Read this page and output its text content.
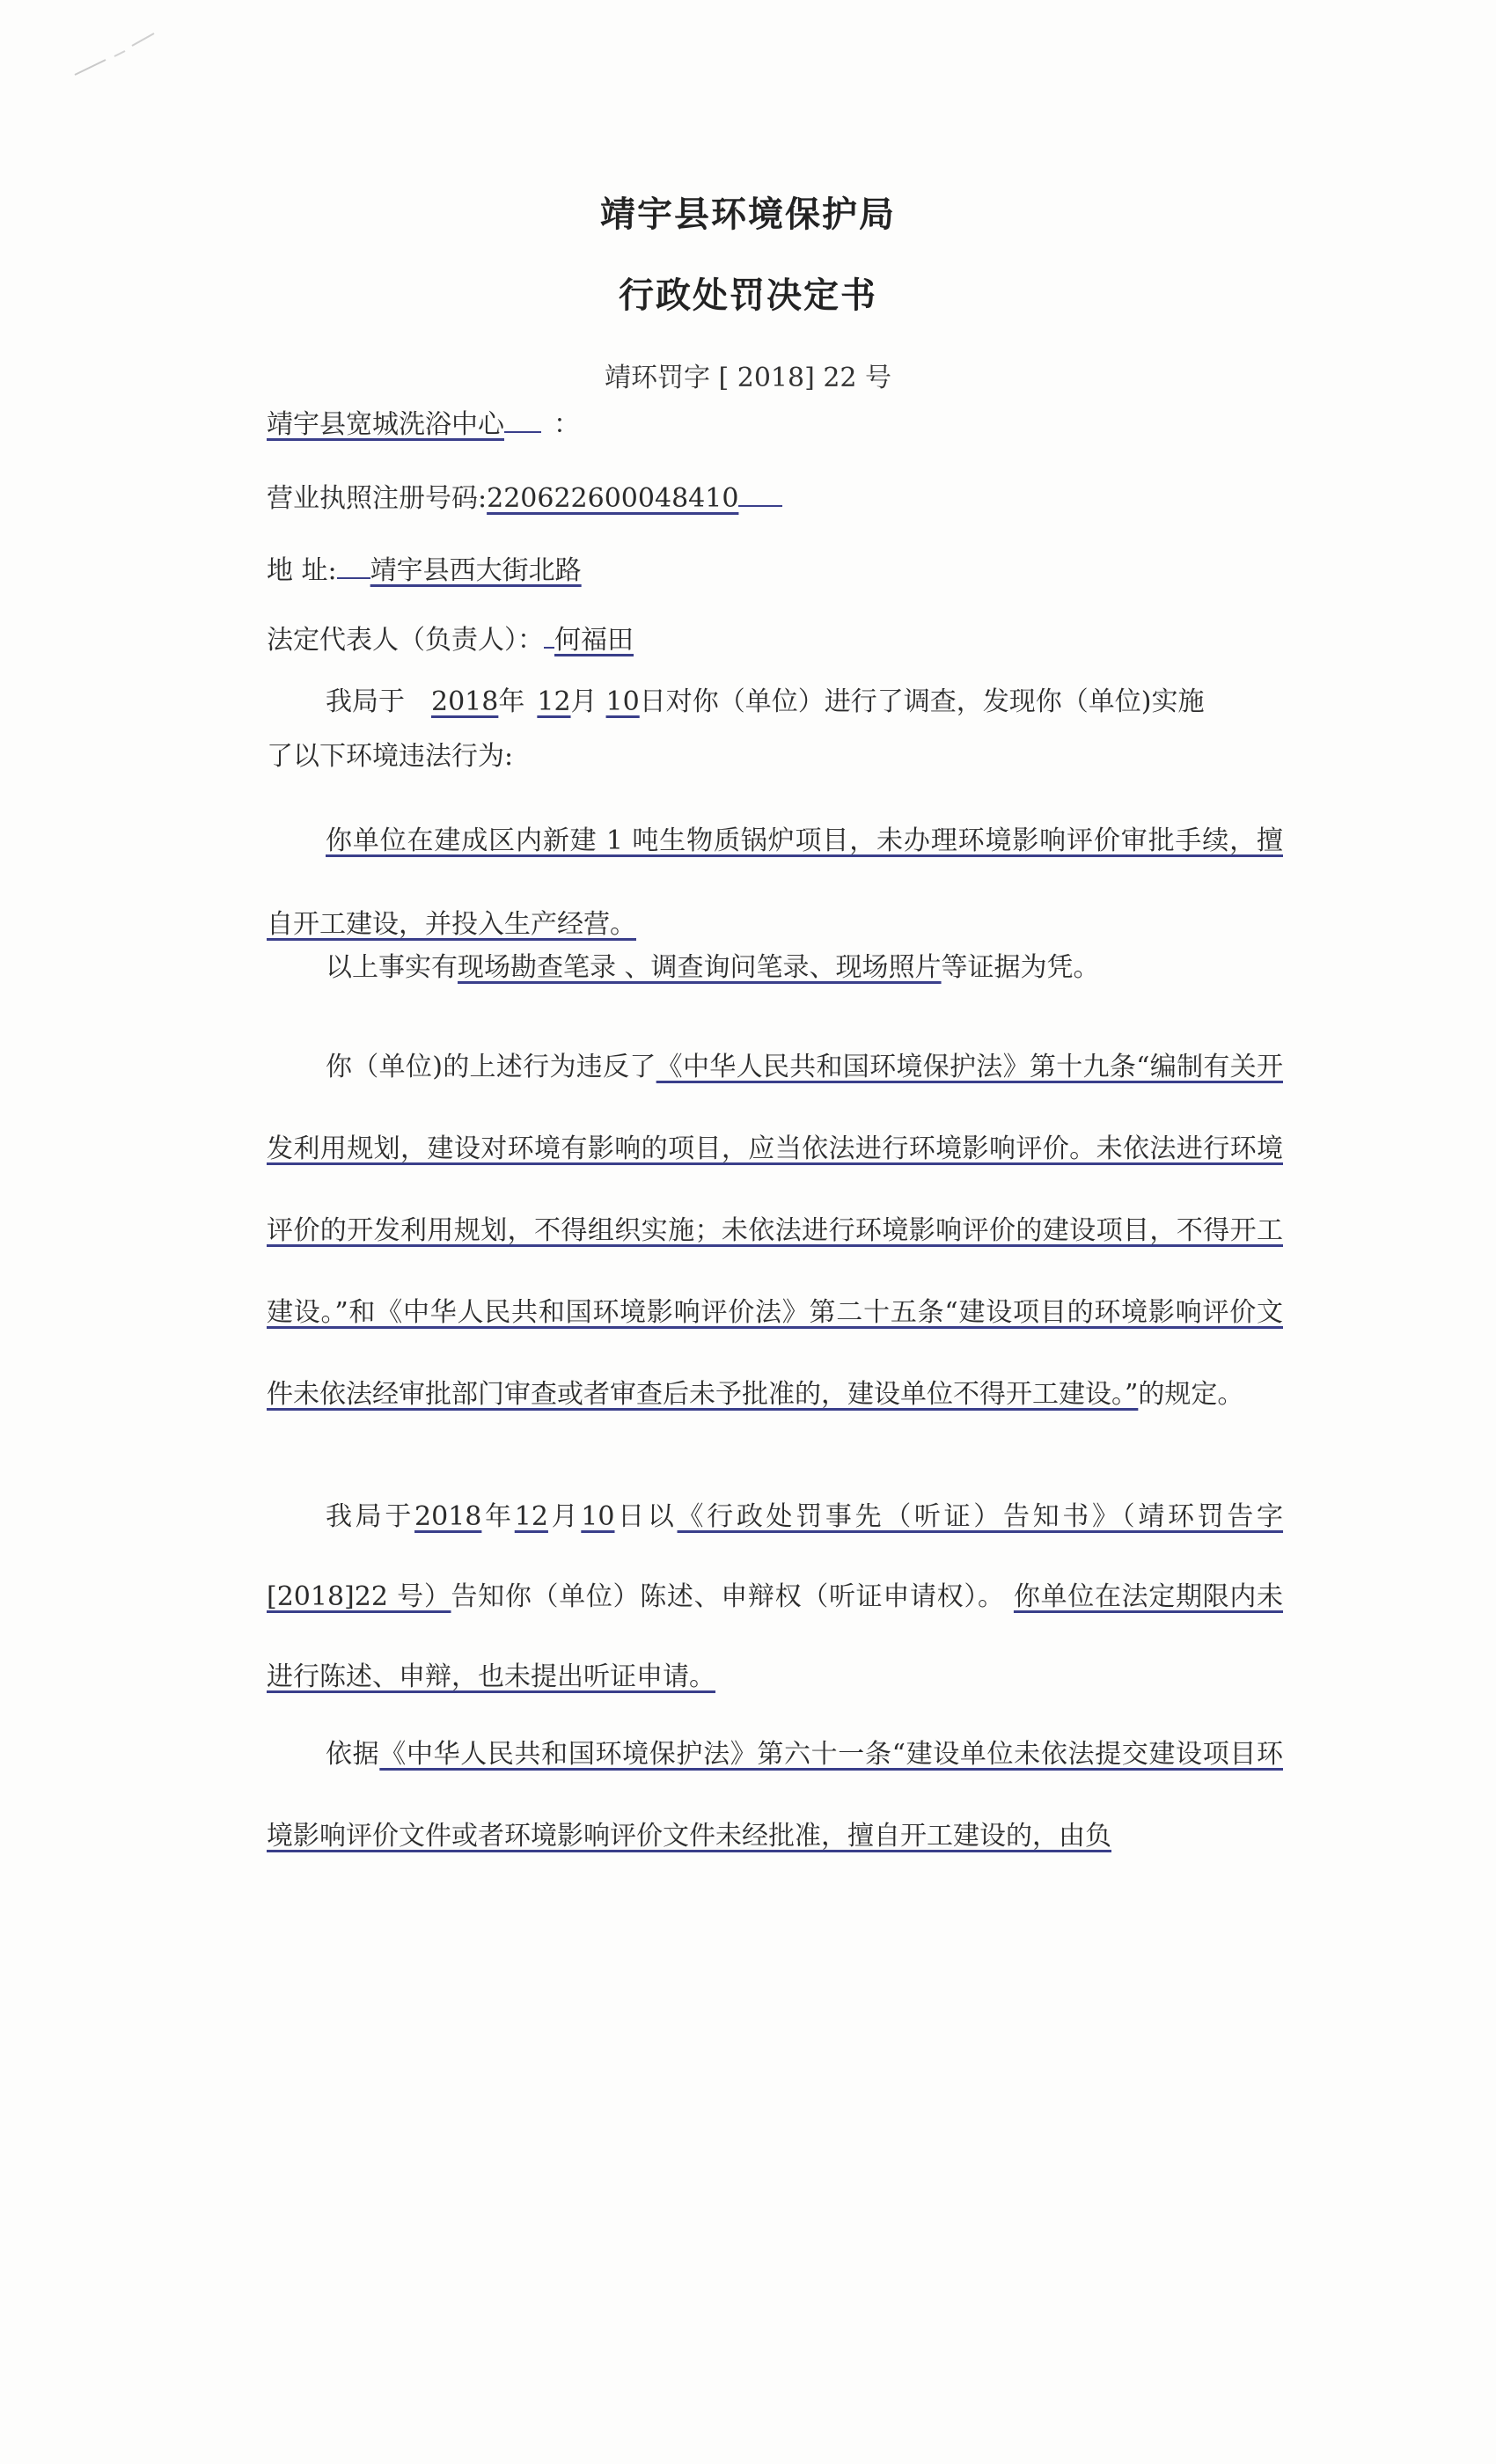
靖宇县环境保护局
行政处罚决定书
靖环罚字 [ 2018] 22 号
靖宇县宽城洗浴中心 ：
营业执照注册号码:220622600048410
地 址: 靖宇县西大街北路
法定代表人（负责人）： 何福田
我局于 2018年 12月 10日对你（单位）进行了调查，发现你（单位)实施
了以下环境违法行为:
你单位在建成区内新建 1 吨生物质锅炉项目，未办理环境影响评价审批手续，擅自开工建设，并投入生产经营。
以上事实有现场勘查笔录 、调查询问笔录、现场照片等证据为凭。
你（单位)的上述行为违反了《中华人民共和国环境保护法》第十九条“编制有关开发利用规划，建设对环境有影响的项目，应当依法进行环境影响评价。未依法进行环境评价的开发利用规划，不得组织实施；未依法进行环境影响评价的建设项目，不得开工建设。”和《中华人民共和国环境影响评价法》第二十五条“建设项目的环境影响评价文件未依法经审批部门审查或者审查后未予批准的，建设单位不得开工建设。”的规定。
我局于2018年12月10日以《行政处罚事先（听证）告知书》（靖环罚告字 [2018]22 号）告知你（单位）陈述、申辩权（听证申请权）。 你单位在法定期限内未进行陈述、申辩，也未提出听证申请。
依据《中华人民共和国环境保护法》第六十一条“建设单位未依法提交建设项目环境影响评价文件或者环境影响评价文件未经批准，擅自开工建设的，由负
